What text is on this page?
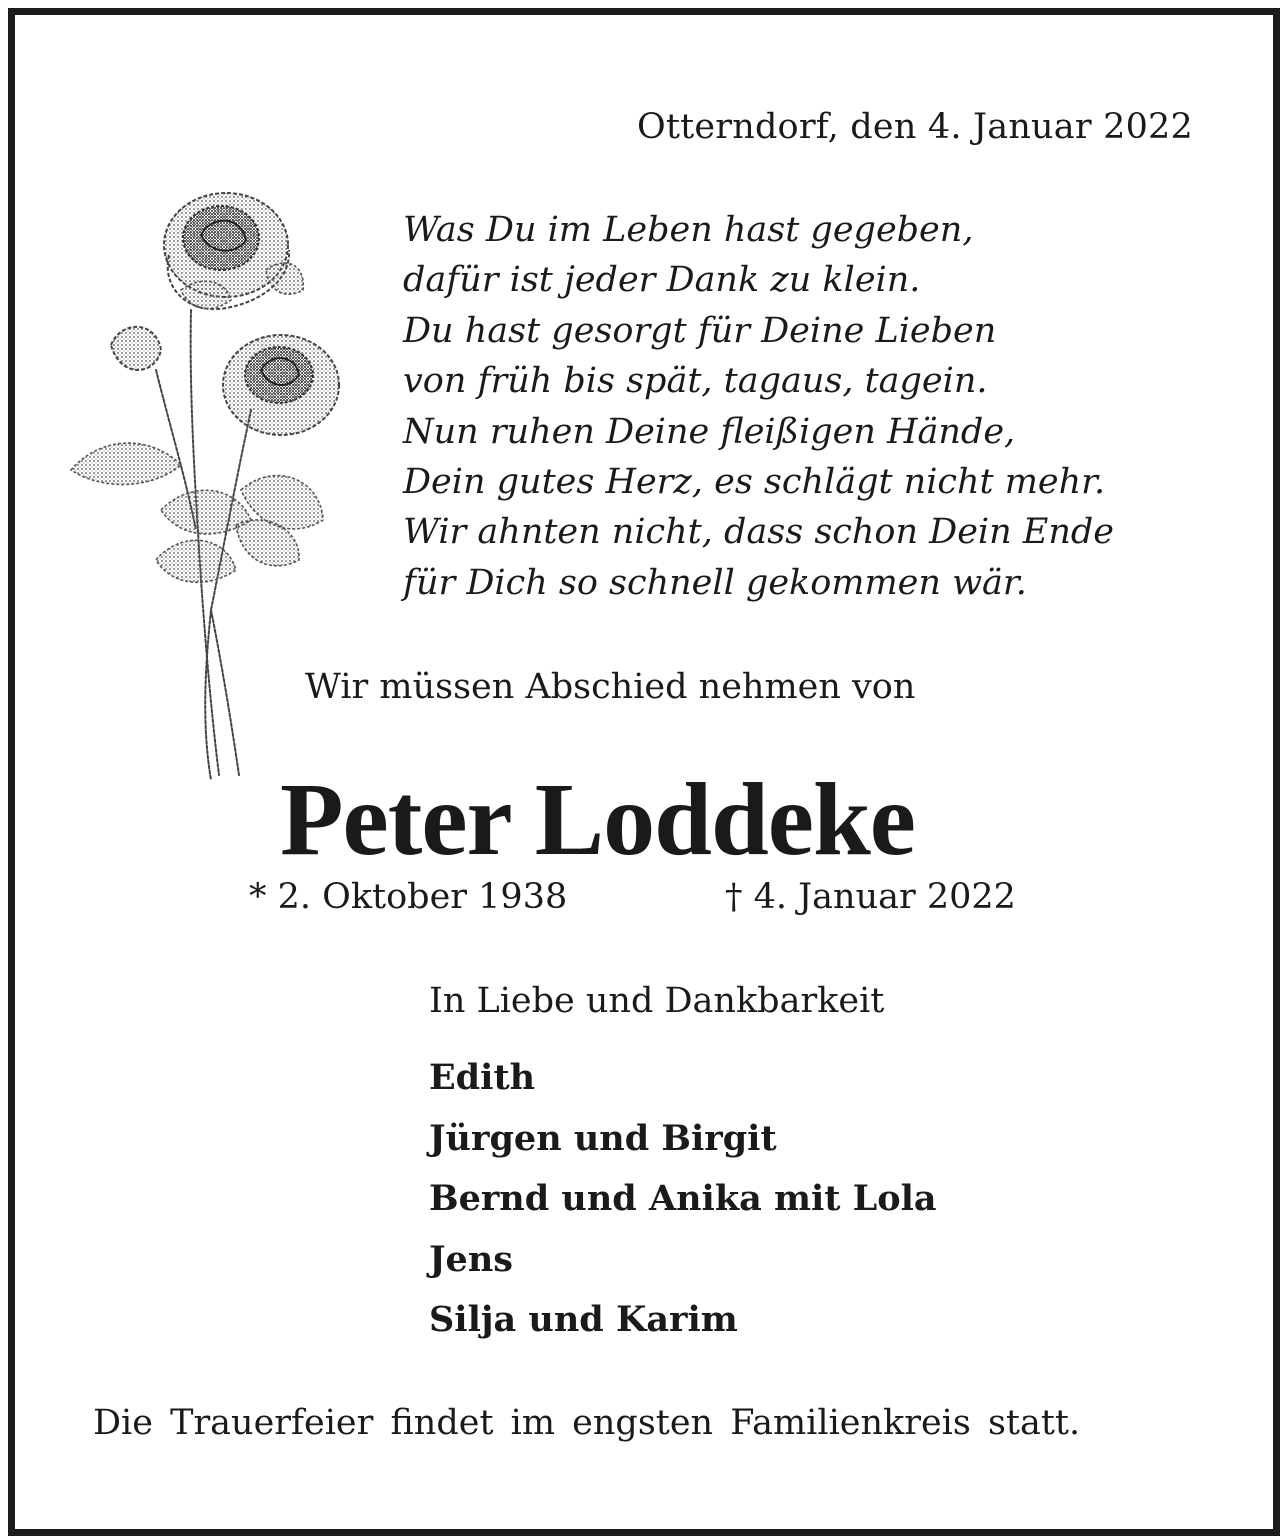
Otterndorf, den 4. Januar 2022
Was Du im Leben hast gegeben,
dafür ist jeder Dank zu klein.
Du hast gesorgt für Deine Lieben
von früh bis spät, tagaus, tagein.
Nun ruhen Deine fleißigen Hände,
Dein gutes Herz, es schlägt nicht mehr.
Wir ahnten nicht, dass schon Dein Ende
für Dich so schnell gekommen wär.
Wir müssen Abschied nehmen von
Peter Loddeke
* 2. Oktober 1938	† 4. Januar 2022
In Liebe und Dankbarkeit
Edith
Jürgen und Birgit
Bernd und Anika mit Lola
Jens
Silja und Karim
Die Trauerfeier findet im engsten Familienkreis statt.
